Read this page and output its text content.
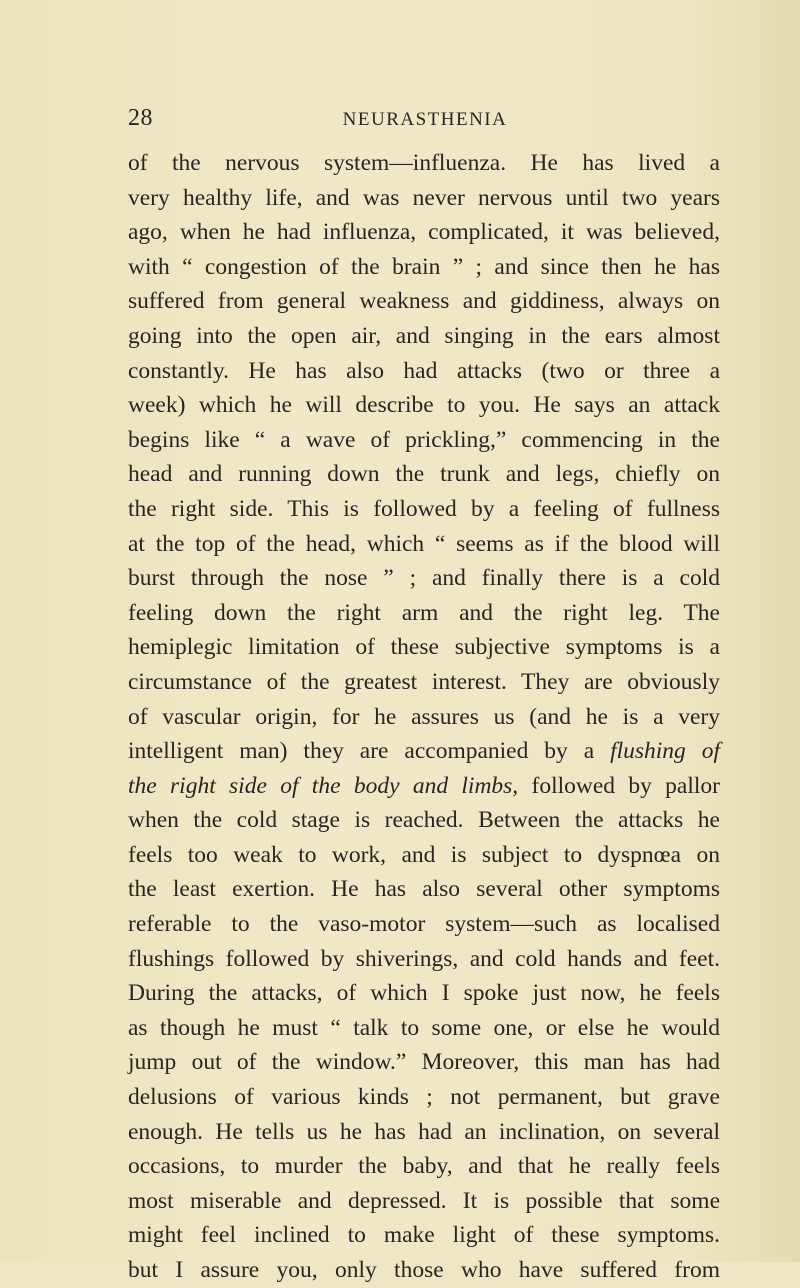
28	NEURASTHENIA
of the nervous system—influenza. He has lived a
very healthy life, and was never nervous until two years
ago, when he had influenza, complicated, it was believed,
with “ congestion of the brain ” ; and since then he has
suffered from general weakness and giddiness, always on
going into the open air, and singing in the ears almost
constantly. He has also had attacks (two or three a
week) which he will describe to you. He says an attack
begins like “ a wave of prickling,” commencing in the
head and running down the trunk and legs, chiefly on
the right side. This is followed by a feeling of fullness
at the top of the head, which “ seems as if the blood will
burst through the nose ” ; and finally there is a cold
feeling down the right arm and the right leg. The
hemiplegic limitation of these subjective symptoms is a
circumstance of the greatest interest. They are obviously
of vascular origin, for he assures us (and he is a very
intelligent man) they are accompanied by a flushing of
the right side of the body and limbs, followed by pallor
when the cold stage is reached. Between the attacks he
feels too weak to work, and is subject to dyspnœa on
the least exertion. He has also several other symptoms
referable to the vaso-motor system—such as localised
flushings followed by shiverings, and cold hands and feet.
During the attacks, of which I spoke just now, he feels
as though he must “ talk to some one, or else he would
jump out of the window.” Moreover, this man has had
delusions of various kinds ; not permanent, but grave
enough. He tells us he has had an inclination, on several
occasions, to murder the baby, and that he really feels
most miserable and depressed. It is possible that some
might feel inclined to make light of these symptoms.
but I assure you, only those who have suffered from
